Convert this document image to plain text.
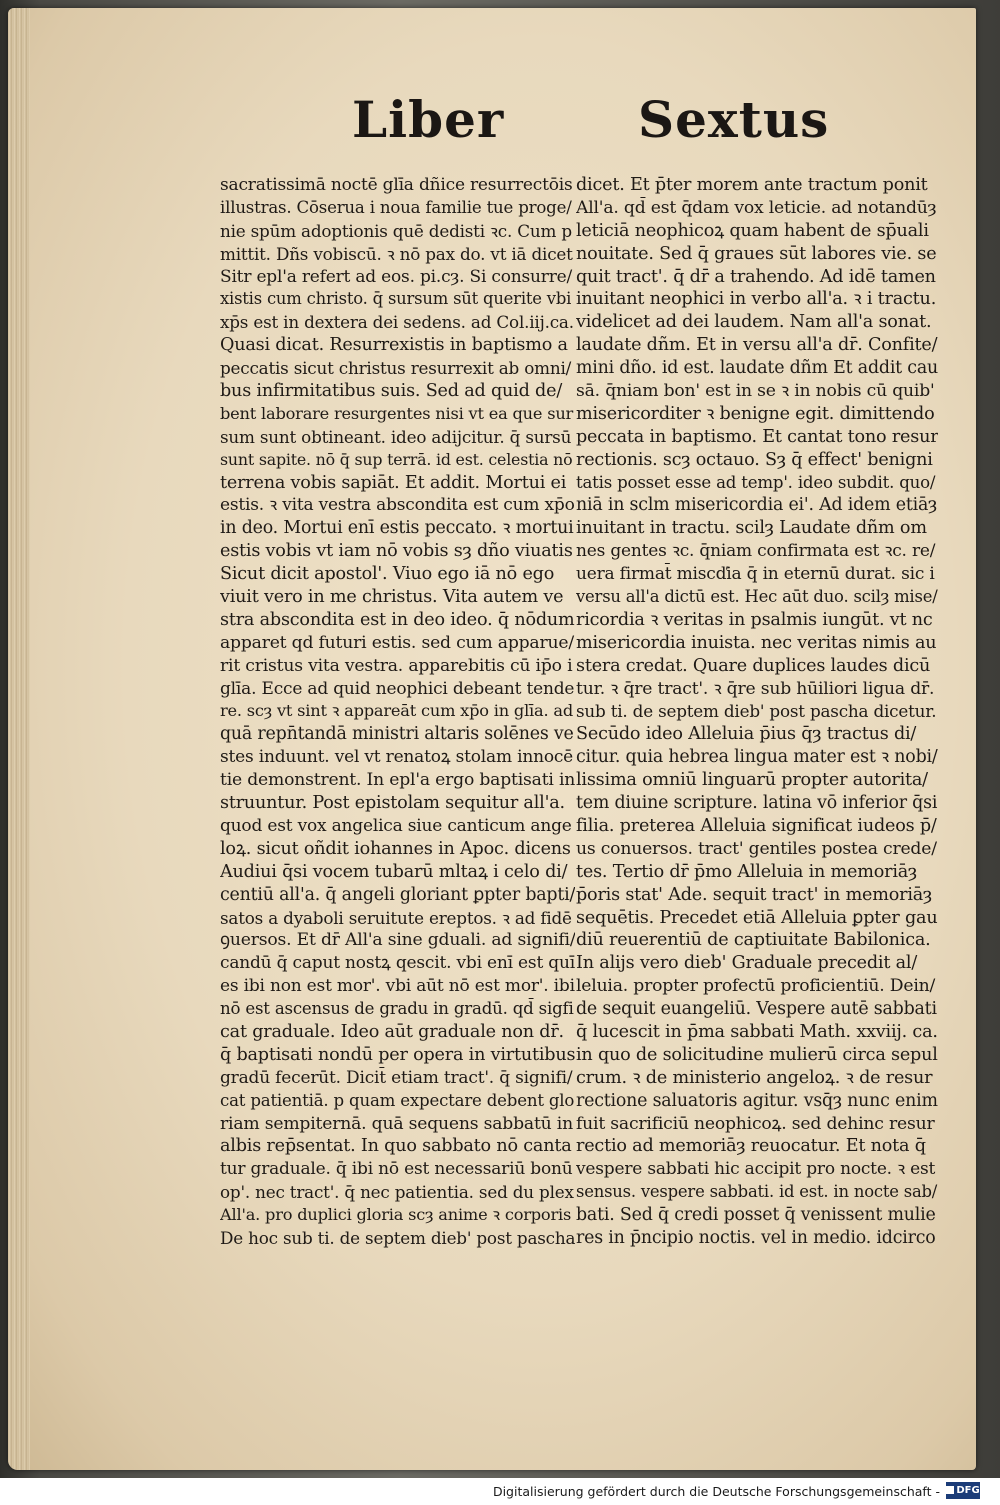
Liber	Sextus
sacratissimā noctē glīa dñice resurrectōis
illustras. Cōserua i noua familie tue proge/
nie spūm adoptionis quē dedisti ꝛc. Cum p
mittit. Dñs vobiscū. ꝛ nō pax do. vt iā dicet
Sitr epl'a refert ad eos. pi.cȝ. Si consurre/
xistis cum christo. q̄ sursum sūt querite vbi
xp̄s est in dextera dei sedens. ad Col.iij.ca.
Quasi dicat. Resurrexistis in baptismo a
peccatis sicut christus resurrexit ab omni/
bus infirmitatibus suis. Sed ad quid de/
bent laborare resurgentes nisi vt ea que sur
sum sunt obtineant. ideo adijcitur. q̄ sursū
sunt sapite. nō q̄ sup terrā. id est. celestia nō
terrena vobis sapiāt. Et addit. Mortui ei
estis. ꝛ vita vestra abscondita est cum xp̄o
in deo. Mortui enī estis peccato. ꝛ mortui
estis vobis vt iam nō vobis sȝ dño viuatis
Sicut dicit apostol'. Viuo ego iā nō ego
viuit vero in me christus. Vita autem ve
stra abscondita est in deo ideo. q̄ nōdum
apparet qd futuri estis. sed cum apparue/
rit cristus vita vestra. apparebitis cū ip̄o i
glīa. Ecce ad quid neophici debeant tende
re. scȝ vt sint ꝛ appareāt cum xp̄o in glīa. ad
quā repn̄tandā ministri altaris solēnes ve
stes induunt. vel vt renatoꝝ stolam innocē
tie demonstrent. In epl'a ergo baptisati in
struuntur. Post epistolam sequitur all'a.
quod est vox angelica siue canticum ange
loꝝ. sicut oñdit iohannes in Apoc. dicens
Audiui q̄si vocem tubarū mltaꝝ i celo di/
centiū all'a. q̄ angeli gloriant̄ ꝑpter bapti/
satos a dyaboli seruitute ereptos. ꝛ ad fidē
ꝯuersos. Et dr̄ All'a sine gduali. ad signifi/
candū q̄ caput nostꝝ qescit. vbi enī est quī
es ibi non est mor'. vbi aūt nō est mor'. ibi
nō est ascensus de gradu in gradū. qd̄ sigfi
cat graduale. Ideo aūt graduale non dr̄.
q̄ baptisati nondū per opera in virtutibus
gradū fecerūt. Dicit̄ etiam tract'. q̄ signifi/
cat patientiā. p quam expectare debent glo
riam sempiternā. quā sequens sabbatū in
albis rep̄sentat. In quo sabbato nō canta
tur graduale. q̄ ibi nō est necessariū bonū
op'. nec tract'. q̄ nec patientia. sed du plex
All'a. pro duplici gloria scȝ anime ꝛ corporis
De hoc sub ti. de septem dieb' post pascha
dicet. Et p̄ter morem ante tractum ponit̄
All'a. qd̄ est q̄dam vox leticie. ad notandūȝ
leticiā neophicoꝝ quam habent de sp̄uali
nouitate. Sed q̄ graues sūt labores vie. se
quit̄ tract'. q̄ dr̄ a trahendo. Ad idē tamen
inuitant̄ neophici in verbo all'a. ꝛ i tractu.
videlicet ad dei laudem. Nam all'a sonat.
laudate dñm. Et in versu all'a dr̄. Confite/
mini dño. id est. laudate dñm Et addit cau
sā. q̄niam bon' est in se ꝛ in nobis cū quib'
misericorditer ꝛ benigne egit. dimittendo
peccata in baptismo. Et cantat̄ tono resur
rectionis. scȝ octauo. Sȝ q̄ effect' benigni
tatis posset esse ad temp'. ideo subdit. quo/
niā in sclm misericordia ei'. Ad idem etiāȝ
inuitant̄ in tractu. scilȝ Laudate dñm om
nes gentes ꝛc. q̄niam confirmata est ꝛc. re/
uera firmat̄ miscďia q̄ in eternū durat. sic i
versu all'a dictū est. Hec aūt duo. scilȝ mise/
ricordia ꝛ veritas in psalmis iungūt̄. vt nc
misericordia inuista. nec veritas nimis au
stera credat̄. Quare duplices laudes dicū
tur. ꝛ q̄re tract'. ꝛ q̄re sub hūiliori ligua dr̄.
sub ti. de septem dieb' post pascha dicetur.
Secūdo ideo Alleluia p̄ius q̄ȝ tractus di/
citur. quia hebrea lingua mater est ꝛ nobi/
lissima omniū linguarū propter autorita/
tem diuine scripture. latina vō inferior q̄si
filia. preterea Alleluia significat iudeos p̄/
us conuersos. tract' gentiles postea crede/
tes. Tertio dr̄ p̄mo Alleluia in memoriāȝ
p̄oris stat' Ade. sequit̄ tract' in memoriāȝ
sequētis. Precedet etiā Alleluia ꝑpter gau
diū reuerentiū de captiuitate Babilonica.
In alijs vero dieb' Graduale precedit al/
leluia. propter profectū proficientiū. Dein/
de sequit̄ euangeliū. Vespere autē sabbati
q̄ lucescit in p̄ma sabbati Math. xxviij. ca.
in quo de solicitudine mulierū circa sepul
crum. ꝛ de ministerio angeloꝝ. ꝛ de resur
rectione saluatoris agitur. vsq̄ȝ nunc enim
fuit sacrificiū neophicoꝝ. sed dehinc resur
rectio ad memoriāȝ reuocatur. Et nota q̄
vespere sabbati hic accipit pro nocte. ꝛ est
sensus. vespere sabbati. id est. in nocte sab/
bati. Sed q̄ credi posset q̄ venissent mulie
res in p̄ncipio noctis. vel in medio. idcirco
Digitalisierung gefördert durch die Deutsche Forschungsgemeinschaft -	DFG
